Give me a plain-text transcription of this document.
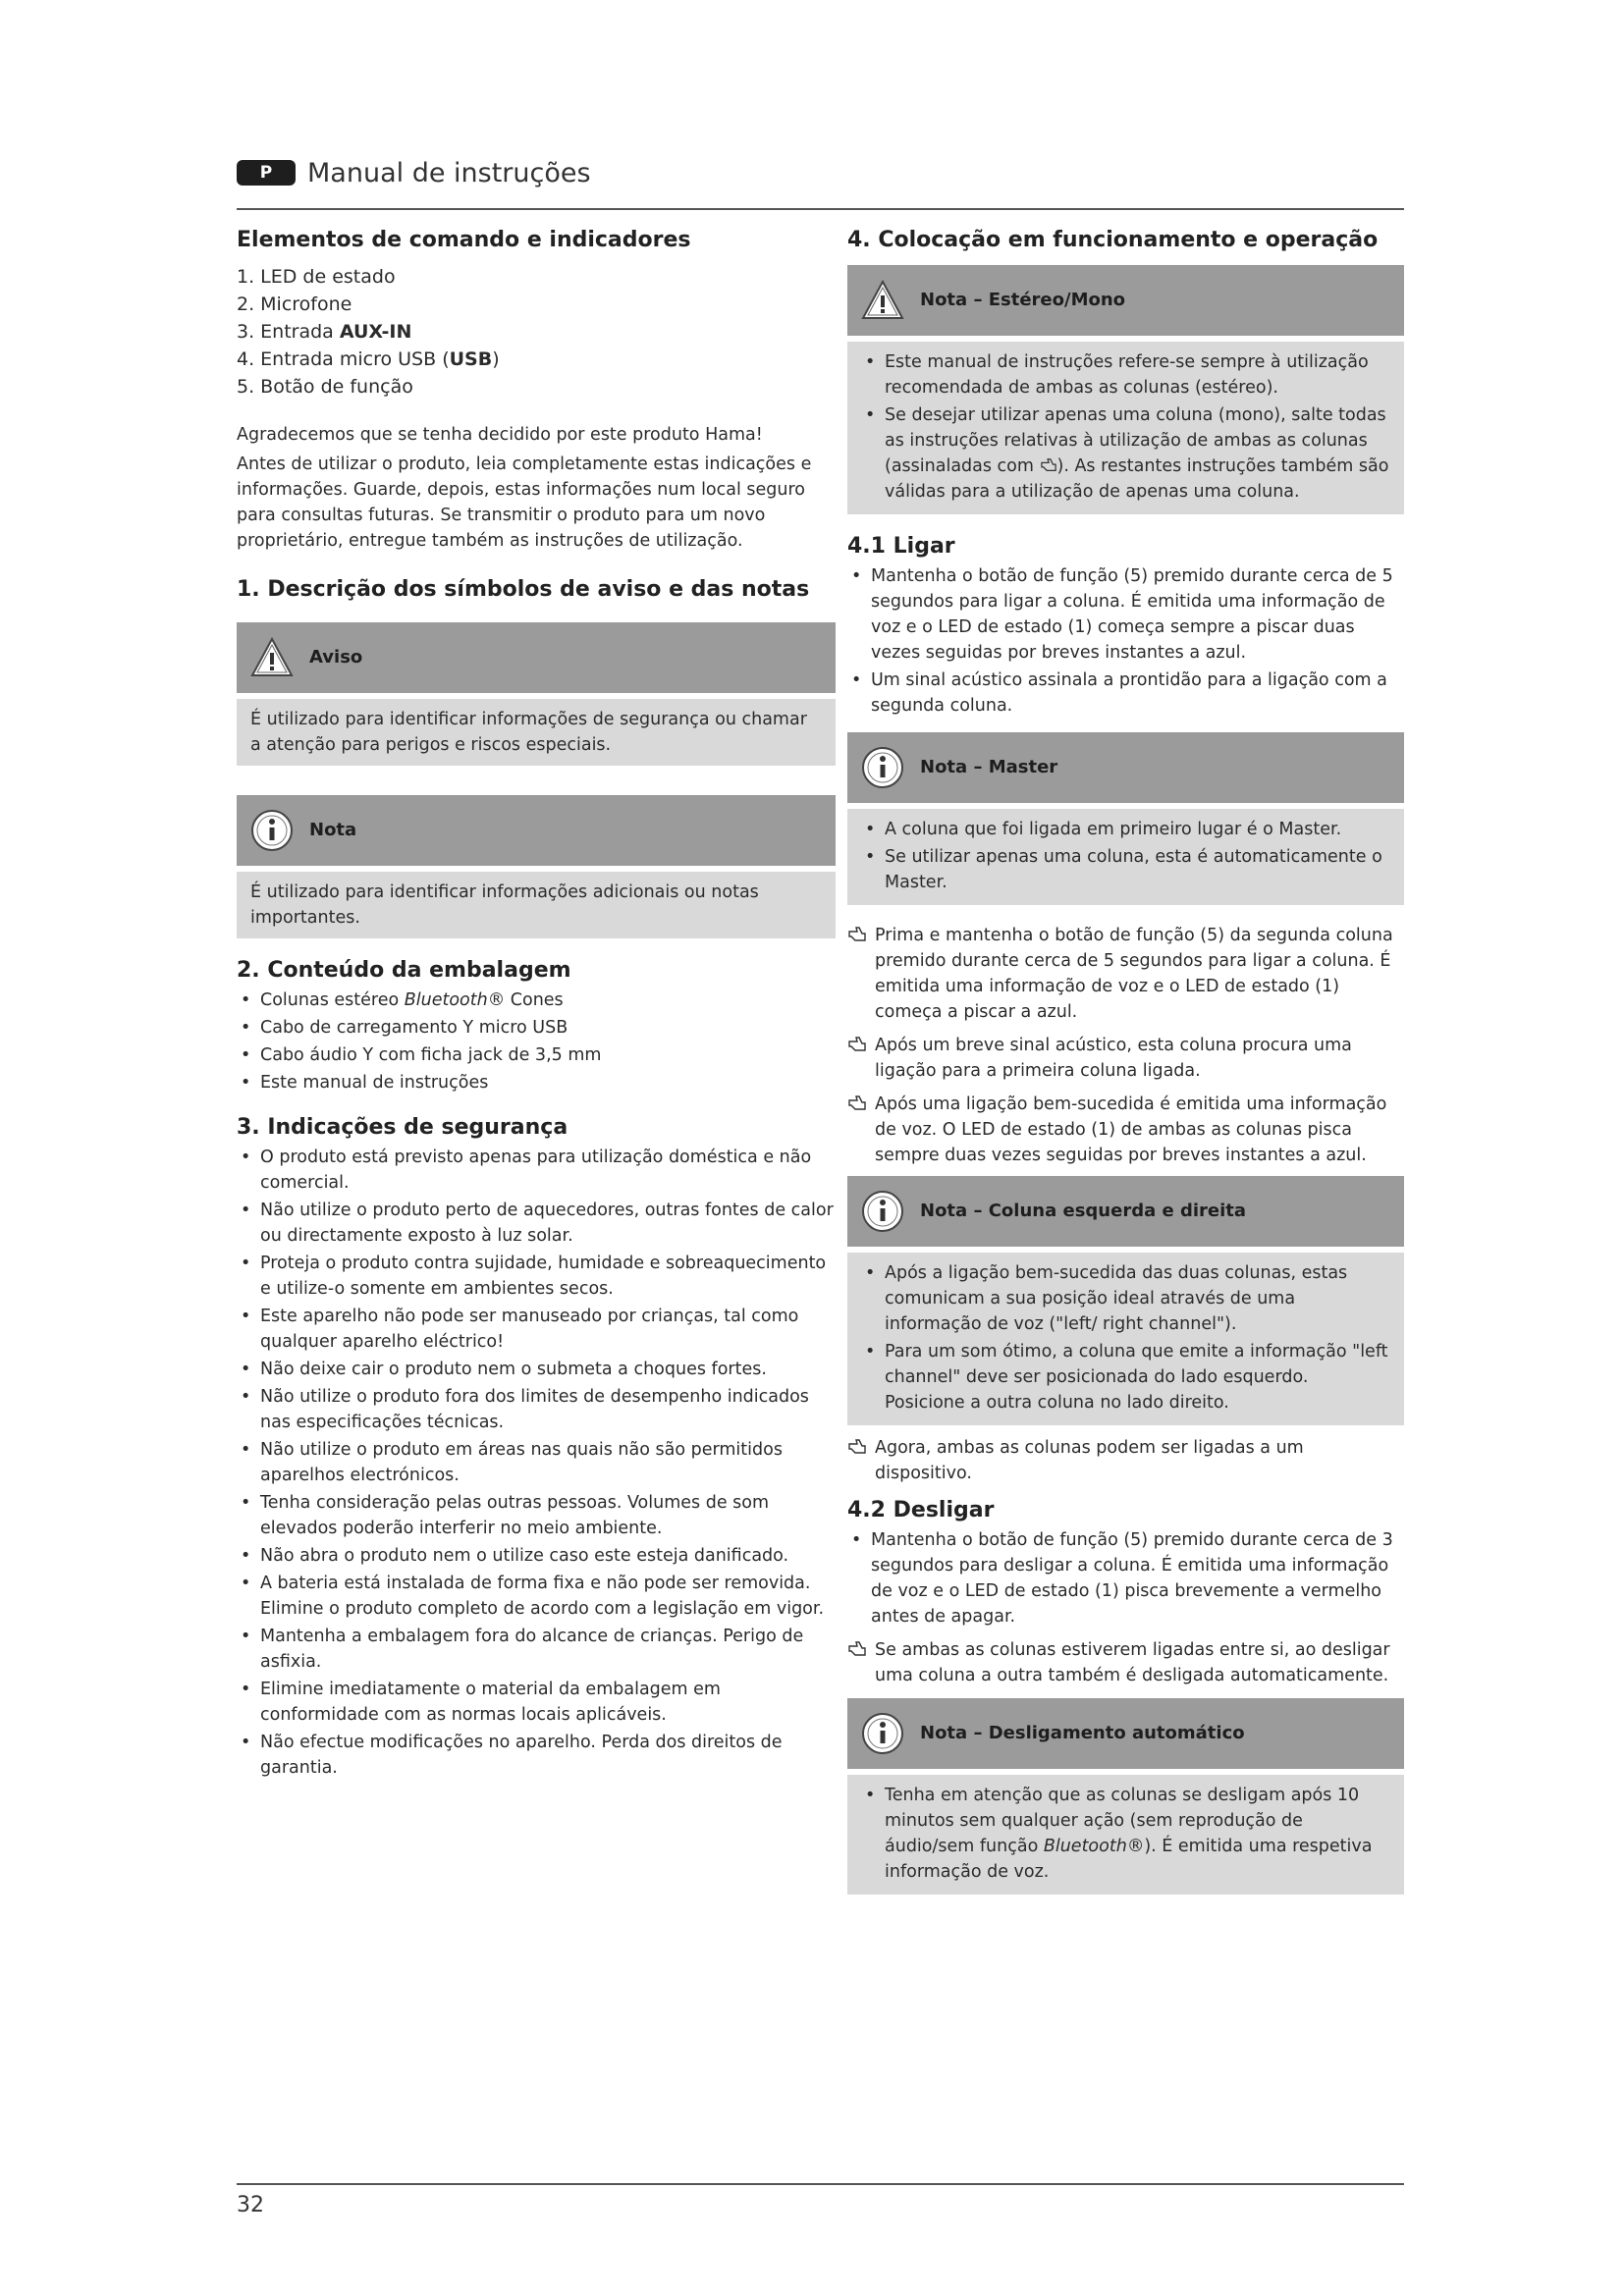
P	Manual de instruções
Elementos de comando e indicadores
1. LED de estado
2. Microfone
3. Entrada AUX-IN
4. Entrada micro USB (USB)
5. Botão de função

Agradecemos que se tenha decidido por este produto Hama!

Antes de utilizar o produto, leia completamente estas indicações e informações. Guarde, depois, estas informações num local seguro para consultas futuras. Se transmitir o produto para um novo proprietário, entregue também as instruções de utilização.

1. Descrição dos símbolos de aviso e das notas
Aviso
É utilizado para identificar informações de segurança ou chamar a atenção para perigos e riscos especiais.
Nota
É utilizado para identificar informações adicionais ou notas importantes.
2. Conteúdo da embalagem
• Colunas estéreo Bluetooth® Cones
• Cabo de carregamento Y micro USB
• Cabo áudio Y com ficha jack de 3,5 mm
• Este manual de instruções
3. Indicações de segurança
• O produto está previsto apenas para utilização doméstica e não comercial.
• Não utilize o produto perto de aquecedores, outras fontes de calor ou directamente exposto à luz solar.
• Proteja o produto contra sujidade, humidade e sobreaquecimento e utilize-o somente em ambientes secos.
• Este aparelho não pode ser manuseado por crianças, tal como qualquer aparelho eléctrico!
• Não deixe cair o produto nem o submeta a choques fortes.
• Não utilize o produto fora dos limites de desempenho indicados nas especificações técnicas.
• Não utilize o produto em áreas nas quais não são permitidos aparelhos electrónicos.
• Tenha consideração pelas outras pessoas. Volumes de som elevados poderão interferir no meio ambiente.
• Não abra o produto nem o utilize caso este esteja danificado.
• A bateria está instalada de forma fixa e não pode ser removida. Elimine o produto completo de acordo com a legislação em vigor.
• Mantenha a embalagem fora do alcance de crianças. Perigo de asfixia.
• Elimine imediatamente o material da embalagem em conformidade com as normas locais aplicáveis.
• Não efectue modificações no aparelho. Perda dos direitos de garantia.
4. Colocação em funcionamento e operação
Nota – Estéreo/Mono
• Este manual de instruções refere-se sempre à utilização recomendada de ambas as colunas (estéreo).
• Se desejar utilizar apenas uma coluna (mono), salte todas as instruções relativas à utilização de ambas as colunas (assinaladas com ). As restantes instruções também são válidas para a utilização de apenas uma coluna.
4.1 Ligar
• Mantenha o botão de função (5) premido durante cerca de 5 segundos para ligar a coluna. É emitida uma informação de voz e o LED de estado (1) começa sempre a piscar duas vezes seguidas por breves instantes a azul.
• Um sinal acústico assinala a prontidão para a ligação com a segunda coluna.
Nota – Master
• A coluna que foi ligada em primeiro lugar é o Master.
• Se utilizar apenas uma coluna, esta é automaticamente o Master.
Prima e mantenha o botão de função (5) da segunda coluna premido durante cerca de 5 segundos para ligar a coluna. É emitida uma informação de voz e o LED de estado (1) começa a piscar a azul.
Após um breve sinal acústico, esta coluna procura uma ligação para a primeira coluna ligada.
Após uma ligação bem-sucedida é emitida uma informação de voz. O LED de estado (1) de ambas as colunas pisca sempre duas vezes seguidas por breves instantes a azul.
Nota – Coluna esquerda e direita
• Após a ligação bem-sucedida das duas colunas, estas comunicam a sua posição ideal através de uma informação de voz ("left/ right channel").
• Para um som ótimo, a coluna que emite a informação "left channel" deve ser posicionada do lado esquerdo. Posicione a outra coluna no lado direito.
Agora, ambas as colunas podem ser ligadas a um dispositivo.
4.2 Desligar
• Mantenha o botão de função (5) premido durante cerca de 3 segundos para desligar a coluna. É emitida uma informação de voz e o LED de estado (1) pisca brevemente a vermelho antes de apagar.
Se ambas as colunas estiverem ligadas entre si, ao desligar uma coluna a outra também é desligada automaticamente.
Nota – Desligamento automático
• Tenha em atenção que as colunas se desligam após 10 minutos sem qualquer ação (sem reprodução de áudio/sem função Bluetooth®). É emitida uma respetiva informação de voz.
32
